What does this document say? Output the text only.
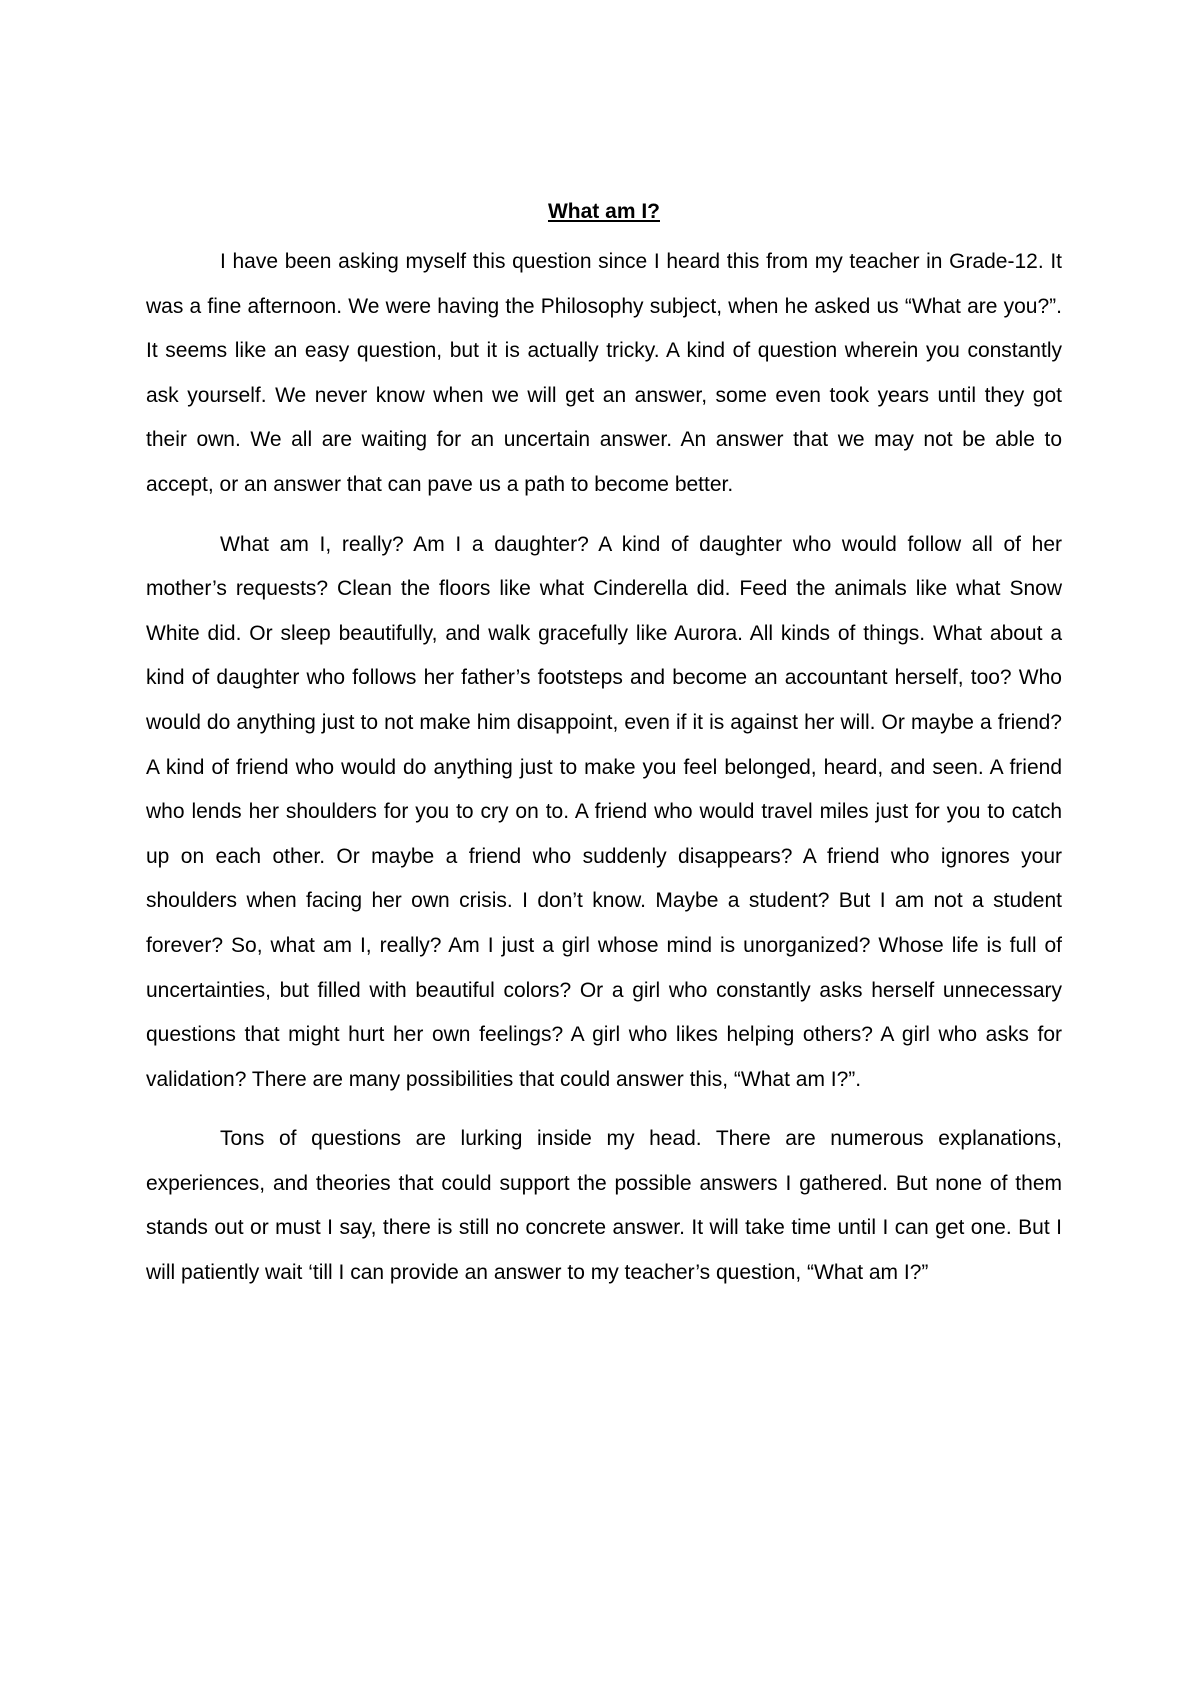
What am I?

I have been asking myself this question since I heard this from my teacher in Grade-12. It was a fine afternoon. We were having the Philosophy subject, when he asked us “What are you?”. It seems like an easy question, but it is actually tricky. A kind of question wherein you constantly ask yourself. We never know when we will get an answer, some even took years until they got their own. We all are waiting for an uncertain answer. An answer that we may not be able to accept, or an answer that can pave us a path to become better.

What am I, really? Am I a daughter? A kind of daughter who would follow all of her mother’s requests? Clean the floors like what Cinderella did. Feed the animals like what Snow White did. Or sleep beautifully, and walk gracefully like Aurora. All kinds of things. What about a kind of daughter who follows her father’s footsteps and become an accountant herself, too? Who would do anything just to not make him disappoint, even if it is against her will. Or maybe a friend? A kind of friend who would do anything just to make you feel belonged, heard, and seen. A friend who lends her shoulders for you to cry on to. A friend who would travel miles just for you to catch up on each other. Or maybe a friend who suddenly disappears? A friend who ignores your shoulders when facing her own crisis. I don’t know. Maybe a student? But I am not a student forever? So, what am I, really? Am I just a girl whose mind is unorganized? Whose life is full of uncertainties, but filled with beautiful colors? Or a girl who constantly asks herself unnecessary questions that might hurt her own feelings? A girl who likes helping others? A girl who asks for validation? There are many possibilities that could answer this, “What am I?”.

Tons of questions are lurking inside my head. There are numerous explanations, experiences, and theories that could support the possible answers I gathered. But none of them stands out or must I say, there is still no concrete answer. It will take time until I can get one. But I will patiently wait ‘till I can provide an answer to my teacher’s question, “What am I?”
